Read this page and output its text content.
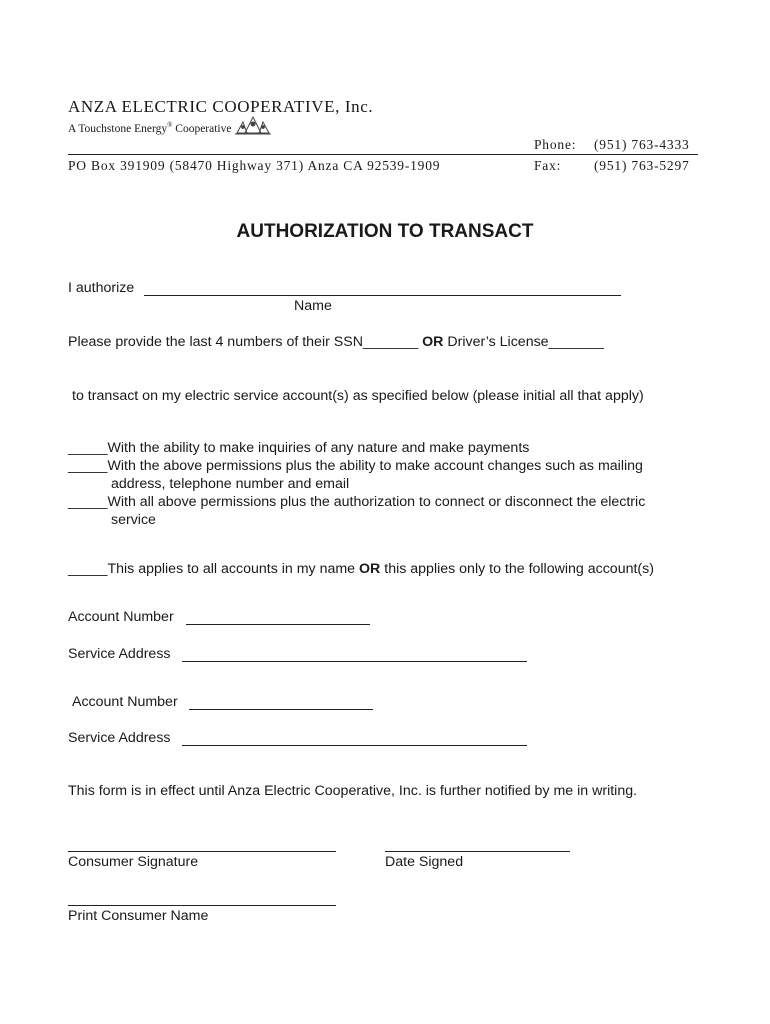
ANZA ELECTRIC COOPERATIVE, Inc.
A Touchstone Energy® Cooperative
Phone: (951) 763-4333
PO Box 391909 (58470 Highway 371) Anza CA 92539-1909	Fax: (951) 763-5297
AUTHORIZATION TO TRANSACT
I authorize
Name
Please provide the last 4 numbers of their SSN_______ OR Driver’s License_______
to transact on my electric service account(s) as specified below (please initial all that apply)
_____With the ability to make inquiries of any nature and make payments
_____With the above permissions plus the ability to make account changes such as mailing
address, telephone number and email
_____With all above permissions plus the authorization to connect or disconnect the electric
service
_____This applies to all accounts in my name OR this applies only to the following account(s)
Account Number
Service Address
Account Number
Service Address
This form is in effect until Anza Electric Cooperative, Inc. is further notified by me in writing.
Consumer Signature	Date Signed
Print Consumer Name
